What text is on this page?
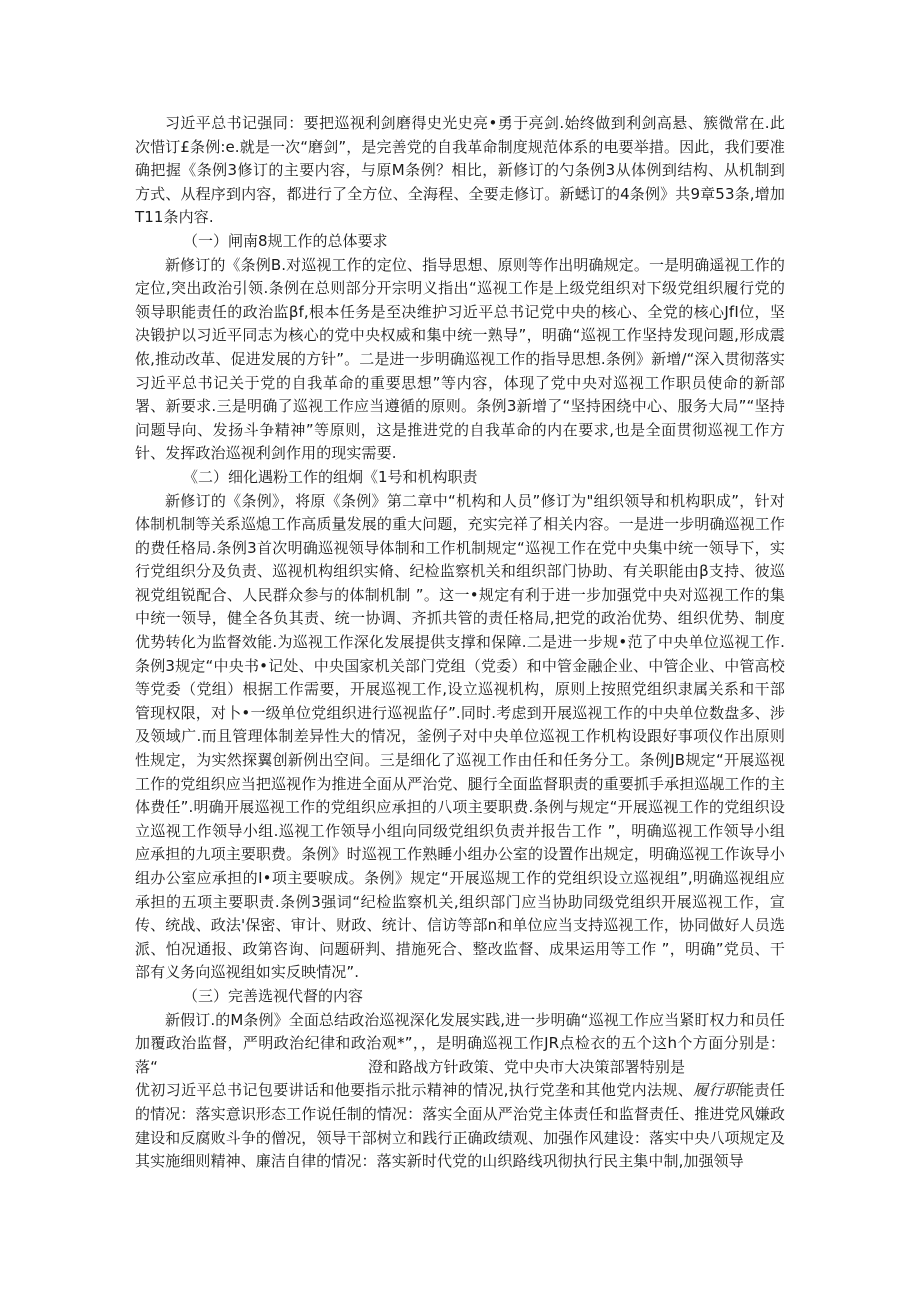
习近平总书记强同：要把巡视利剑磨得史光史亮•勇于亮剑.始终做到利剑高悬、簇微常在.此次惜订£条例:e.就是一次“磨剑”，是完善党的自我革命制度规范体系的电要举措。因此，我们要准确把握《条例3修订的主要内容，与原M条例？相比，新修订的勺条例3从体例到结构、从机制到方式、从程序到内容，都进行了全方位、全海程、全要走修订。新蟋订的4条例》共9章53条,增加T11条内容.

（一）闸南8规工作的总体要求

新修订的《条例B.对巡视工作的定位、指导思想、原则等作出明确规定。一是明确遥视工作的定位,突出政治引领.条例在总则部分开宗明义指出“巡视工作是上级党组织对下级党组织履行党的领导职能责任的政治监βf,根本任务是至决维护习近平总书记党中央的核心、全党的核心JfI位，坚决锻护以习近平同志为核心的党中央权威和集中统一熟导”，明确“巡视工作坚持发现问题,形成震侬,推动改革、促进发展的方针”。二是进一步明确巡视工作的指导思想.条例》新增/“深入贯彻落实习近平总书记关于党的自我革命的重要思想”等内容，体现了党中央对巡视工作职员使命的新部署、新要求.三是明确了巡视工作应当遵循的原则。条例3新增了“坚持困绕中心、服务大局”“坚持问题导向、发扬斗争精神”等原则，这是推进党的自我革命的内在要求,也是全面贯彻巡视工作方针、发挥政治巡视利剑作用的现实需要.

《二）细化遇粉工作的组炯《1号和机构职责

新修订的《条例》，将原《条例》第二章中“机构和人员”修订为"组织领导和机构职成”，针对体制机制等关系巡熄工作高质量发展的重大问题，充实完祥了相关内容。一是进一步明确巡视工作的费任格局.条例3首次明确巡视领导体制和工作机制规定“巡视工作在党中央集中统一领导下，实行党组织分及负责、巡视机构组织实脩、纪检监察机关和组织部门协助、有关职能由β支持、彼巡视党组锐配合、人民群众参与的体制机制 ”。这一•规定有利于进一步加强党中央对巡视工作的集中统一领导，健全各负其责、统一协调、齐抓共管的责任格局,把党的政治优势、组织优势、制度优势转化为监督效能.为巡视工作深化发展提供支撑和保障.二是进一步规•范了中央单位巡视工作.条例3规定“中央书•记处、中央国家机关部门党组（党委）和中管金融企业、中管企业、中管高校等党委（党组）根据工作需要，开展巡视工作,设立巡视机构，原则上按照党组织隶属关系和干部管现权限，对卜•一级单位党组织进行巡视监仔”.同时.考虑到开展巡视工作的中央单位数盘多、涉及领域广.而且管理体制差异性大的情况，釜例子对中央单位巡视工作机构设跟好事项仪作出原则性规定，为实然探翼创新例出空间。三是细化了巡视工作由任和任务分工。条例JB规定“开展巡视工作的党组织应当把巡视作为推进全面从严治党、腿行全面监督职责的重要抓手承担巡觇工作的主体费任”.明确开展巡视工作的党组织应承担的八项主要职费.条例与规定“开展巡视工作的党组织设立巡视工作领导小组.巡视工作领导小组向同级党组织负责并报告工作 ”，明确巡视工作领导小组应承担的九项主要职费。条例》时巡视工作熟睡小组办公室的设置作出规定，明确巡视工作诙导小组办公室应承担的I•项主要唳成。条例》规定“开展巡规工作的党组织设立巡视组”,明确巡视组应承担的五项主要职责.条例3强词“纪检监察机关,组织部门应当协助同级党组织开展巡视工作，宣传、统战、政法'保密、审计、财政、统计、信访等部n和单位应当支持巡视工作，协同做好人员选派、怕况通报、政第咨询、问题研判、措施死合、整改监督、成果运用等工作 ”，明确”党员、干部有义务向巡视组如实反映情况”.

（三）完善选视代督的内容

新假订.的M条例》全面总结政治巡视深化发展实践,进一步明确“巡视工作应当紧盯权力和员任加覆政治监督，严明政治纪律和政治观*”，，是明确巡视工作JR点检衣的五个这h个方面分别是：落“	澄和路战方针政策、党中央市大决策部署特别是

优初习近平总书记包要讲话和他要指示批示精神的情况,执行党垄和其他党内法规、履行职能责任的情况：落实意识形态工作说任制的情况：落实全面从严治党主体责任和监督责任、推进党风嫌政建设和反腐败斗争的僧况，领导干部树立和践行正确政绩观、加强作风建设：落实中央八项规定及其实施细则精神、廉洁自律的情况：落实新时代党的山织路线巩彻执行民主集中制,加强领导
